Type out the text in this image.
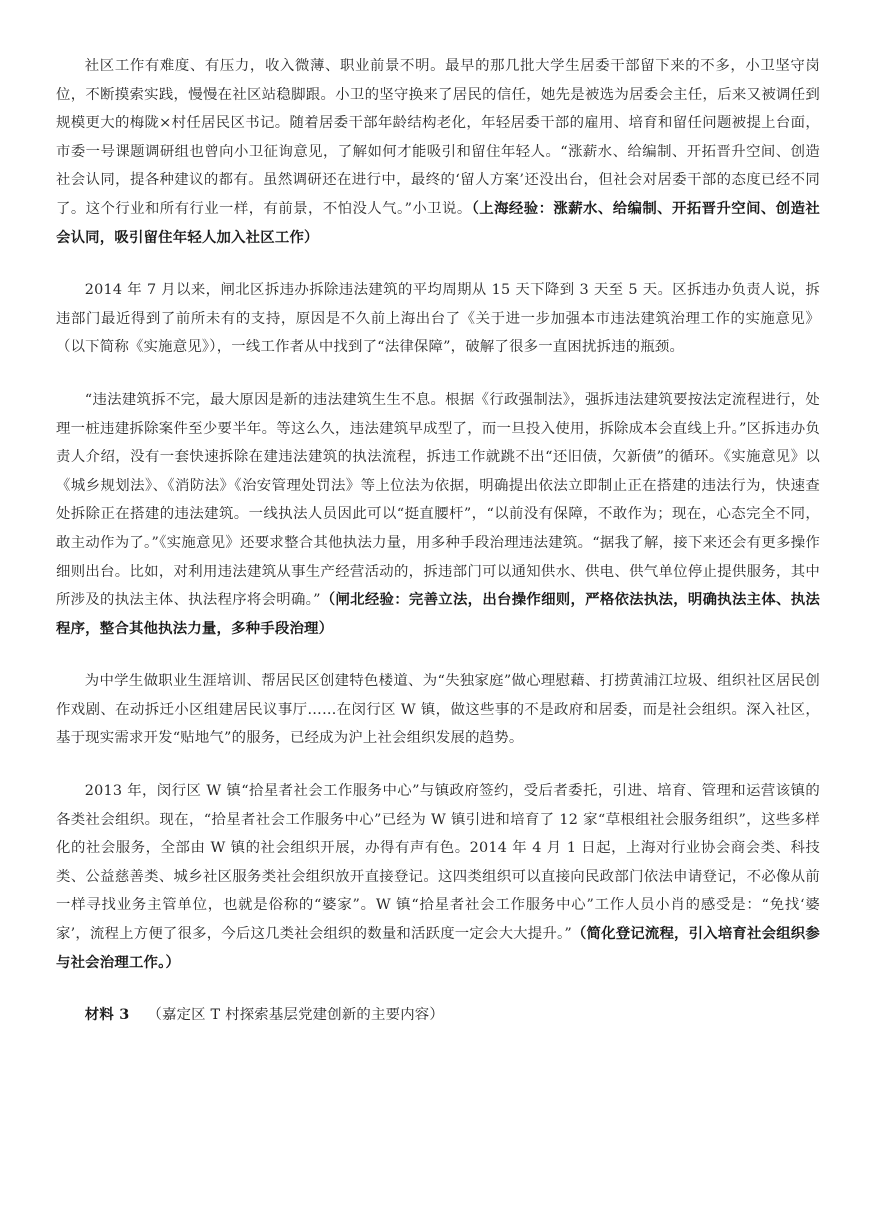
社区工作有难度、有压力，收入微薄、职业前景不明。最早的那几批大学生居委干部留下来的不多，小卫坚守岗位，不断摸索实践，慢慢在社区站稳脚跟。小卫的坚守换来了居民的信任，她先是被选为居委会主任，后来又被调任到规模更大的梅陇×村任居民区书记。随着居委干部年龄结构老化，年轻居委干部的雇用、培育和留任问题被提上台面，市委一号课题调研组也曾向小卫征询意见，了解如何才能吸引和留住年轻人。“涨薪水、给编制、开拓晋升空间、创造社会认同，提各种建议的都有。虽然调研还在进行中，最终的‘留人方案’还没出台，但社会对居委干部的态度已经不同了。这个行业和所有行业一样，有前景，不怕没人气。”小卫说。（上海经验：涨薪水、给编制、开拓晋升空间、创造社会认同，吸引留住年轻人加入社区工作）

2014 年 7 月以来，闸北区拆违办拆除违法建筑的平均周期从 15 天下降到 3 天至 5 天。区拆违办负责人说，拆违部门最近得到了前所未有的支持，原因是不久前上海出台了《关于进一步加强本市违法建筑治理工作的实施意见》（以下简称《实施意见》），一线工作者从中找到了“法律保障”，破解了很多一直困扰拆违的瓶颈。

“违法建筑拆不完，最大原因是新的违法建筑生生不息。根据《行政强制法》，强拆违法建筑要按法定流程进行，处理一桩违建拆除案件至少要半年。等这么久，违法建筑早成型了，而一旦投入使用，拆除成本会直线上升。”区拆违办负责人介绍，没有一套快速拆除在建违法建筑的执法流程，拆违工作就跳不出“还旧债，欠新债”的循环。《实施意见》以《城乡规划法》、《消防法》《治安管理处罚法》等上位法为依据，明确提出依法立即制止正在搭建的违法行为，快速查处拆除正在搭建的违法建筑。一线执法人员因此可以“挺直腰杆”，“以前没有保障，不敢作为；现在，心态完全不同，敢主动作为了。”《实施意见》还要求整合其他执法力量，用多种手段治理违法建筑。“据我了解，接下来还会有更多操作细则出台。比如，对利用违法建筑从事生产经营活动的，拆违部门可以通知供水、供电、供气单位停止提供服务，其中所涉及的执法主体、执法程序将会明确。”（闸北经验：完善立法，出台操作细则，严格依法执法，明确执法主体、执法程序，整合其他执法力量，多种手段治理）

为中学生做职业生涯培训、帮居民区创建特色楼道、为“失独家庭”做心理慰藉、打捞黄浦江垃圾、组织社区居民创作戏剧、在动拆迁小区组建居民议事厅……在闵行区 W 镇，做这些事的不是政府和居委，而是社会组织。深入社区，基于现实需求开发“贴地气”的服务，已经成为沪上社会组织发展的趋势。

2013 年，闵行区 W 镇“拾星者社会工作服务中心”与镇政府签约，受后者委托，引进、培育、管理和运营该镇的各类社会组织。现在，“拾星者社会工作服务中心”已经为 W 镇引进和培育了 12 家“草根组社会服务组织”，这些多样化的社会服务，全部由 W 镇的社会组织开展，办得有声有色。2014 年 4 月 1 日起，上海对行业协会商会类、科技类、公益慈善类、城乡社区服务类社会组织放开直接登记。这四类组织可以直接向民政部门依法申请登记，不必像从前一样寻找业务主管单位，也就是俗称的“婆家”。W 镇“拾星者社会工作服务中心”工作人员小肖的感受是：“免找‘婆家’，流程上方便了很多，今后这几类社会组织的数量和活跃度一定会大大提升。”（简化登记流程，引入培育社会组织参与社会治理工作。）

材料 3 （嘉定区 T 村探索基层党建创新的主要内容）
